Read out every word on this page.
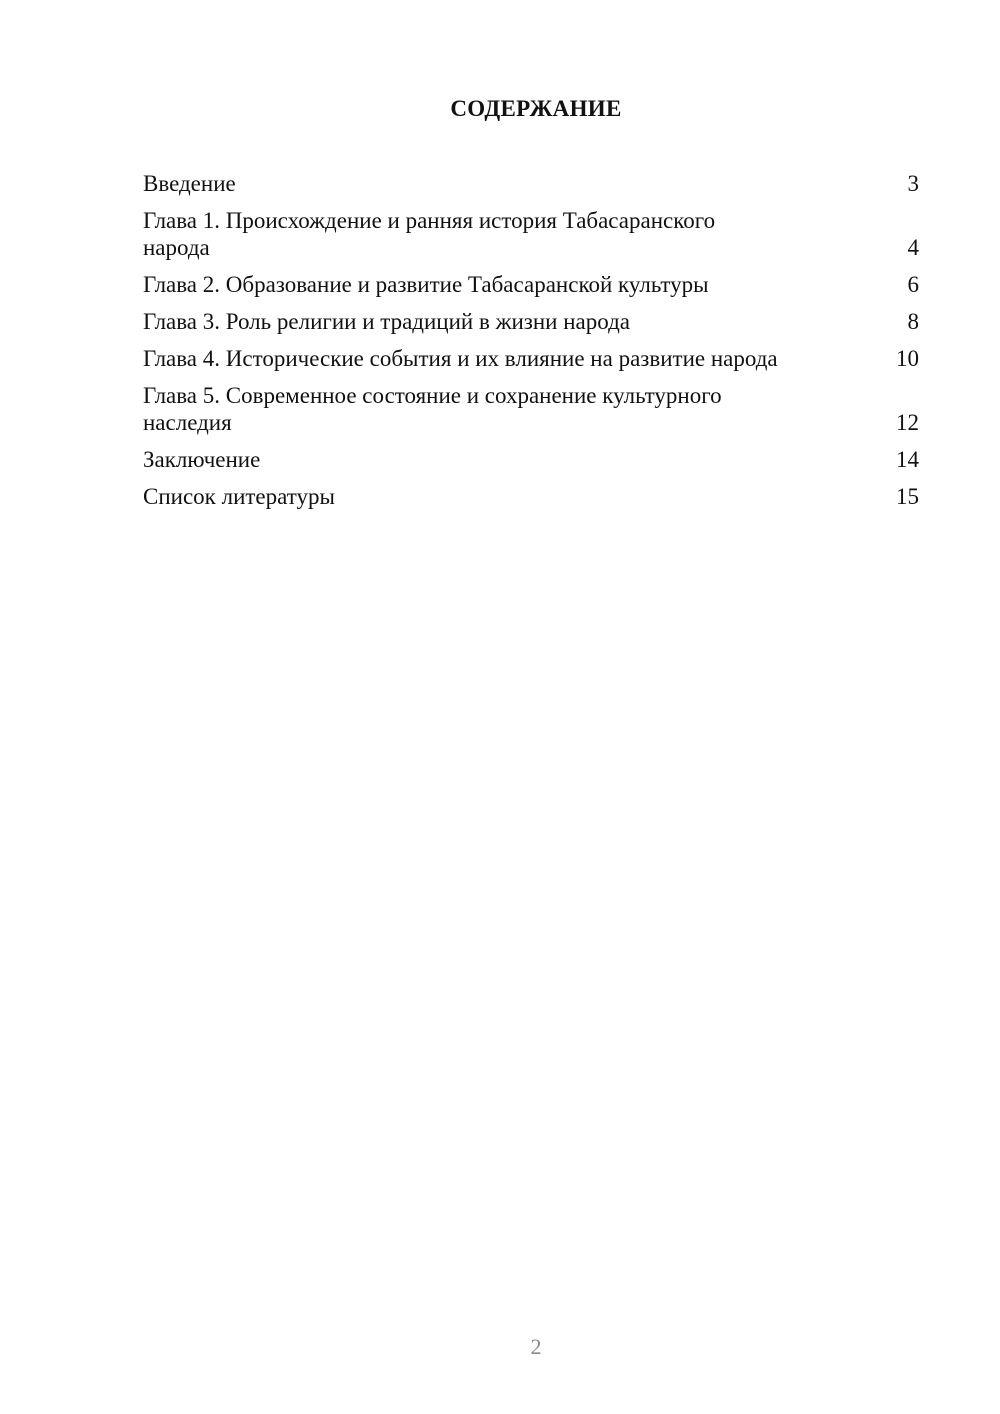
СОДЕРЖАНИЕ
Введение	3
Глава 1. Происхождение и ранняя история Табасаранского народа	4
Глава 2. Образование и развитие Табасаранской культуры	6
Глава 3. Роль религии и традиций в жизни народа	8
Глава 4. Исторические события и их влияние на развитие народа	10
Глава 5. Современное состояние и сохранение культурного наследия	12
Заключение	14
Список литературы	15
2
